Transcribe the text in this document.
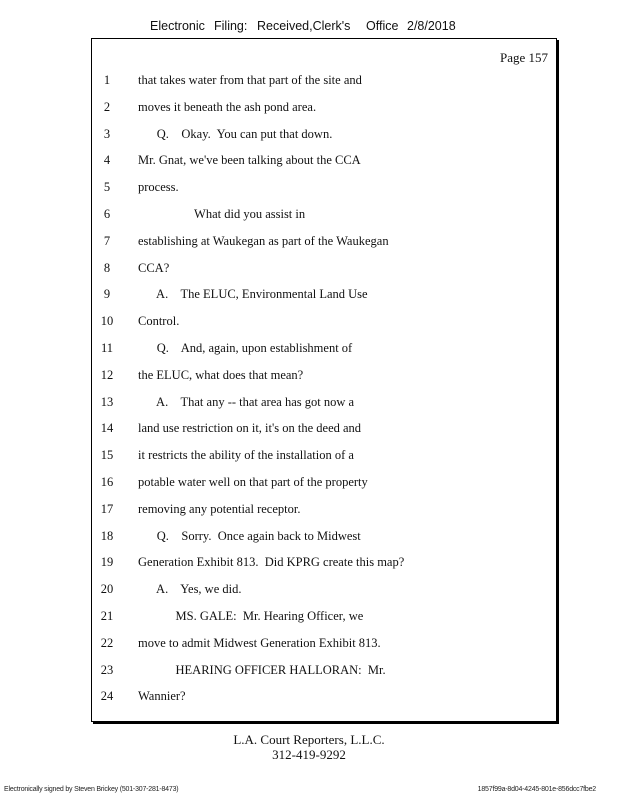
Electronic

Filing:

Received,Clerk's

Office

2/8/2018

Page 157
1	that takes water from that part of the site and
2	moves it beneath the ash pond area.
3	Q.    Okay.  You can put that down.
4	Mr. Gnat, we've been talking about the CCA
5	process.
6	What did you assist in
7	establishing at Waukegan as part of the Waukegan
8	CCA?
9	A.    The ELUC, Environmental Land Use
10	Control.
11	Q.    And, again, upon establishment of
12	the ELUC, what does that mean?
13	A.    That any -- that area has got now a
14	land use restriction on it, it's on the deed and
15	it restricts the ability of the installation of a
16	potable water well on that part of the property
17	removing any potential receptor.
18	Q.    Sorry.  Once again back to Midwest
19	Generation Exhibit 813.  Did KPRG create this map?
20	A.    Yes, we did.
21	MS. GALE:  Mr. Hearing Officer, we
22	move to admit Midwest Generation Exhibit 813.
23	HEARING OFFICER HALLORAN:  Mr.
24	Wannier?
L.A. Court Reporters, L.L.C.
312-419-9292
Electronically signed by Steven Brickey (501-307-281-8473)	1857f99a-8d04-4245-801e-856dcc7fbe2
